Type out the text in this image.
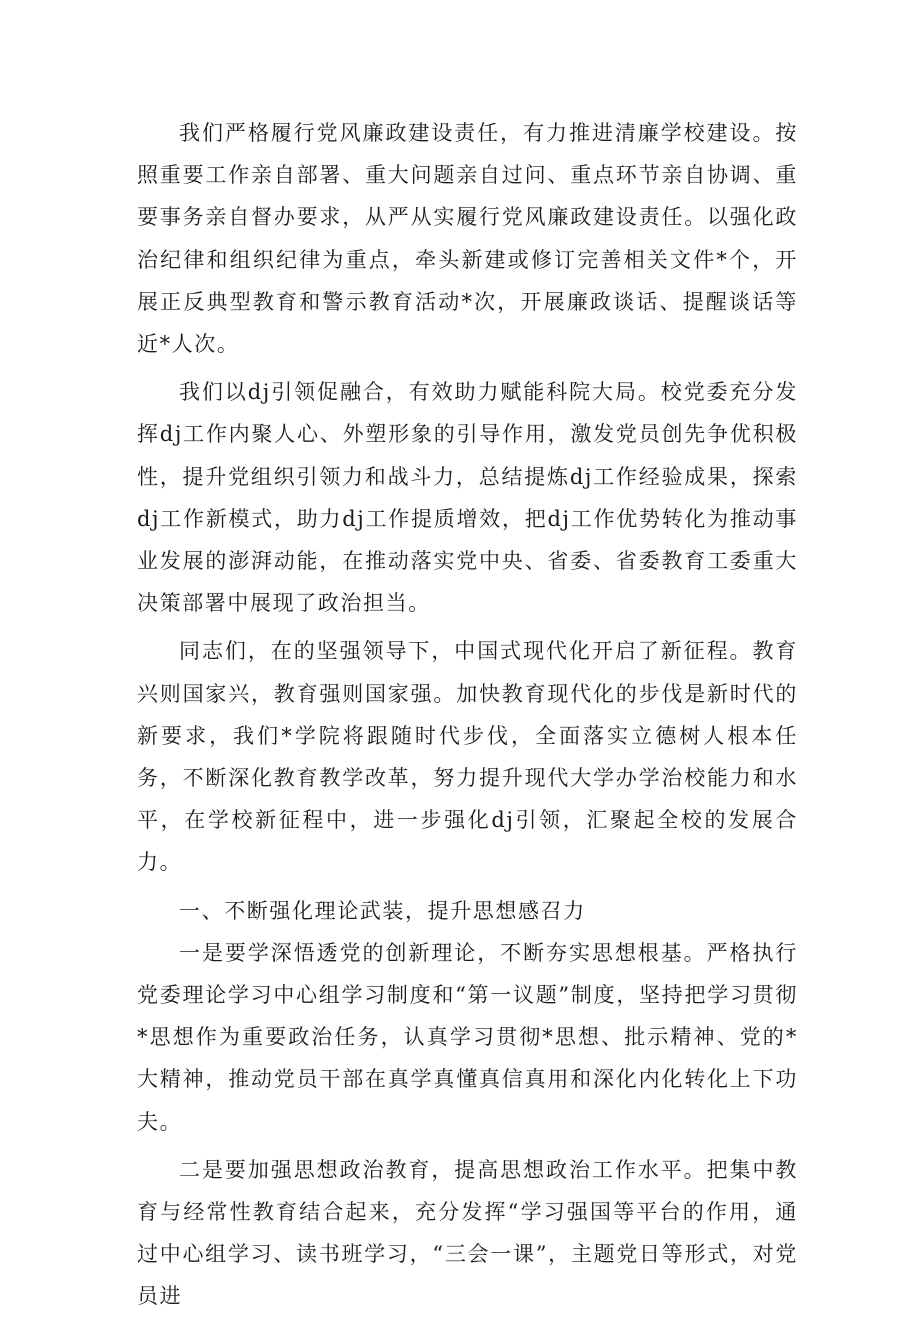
我们严格履行党风廉政建设责任，有力推进清廉学校建设。按照重要工作亲自部署、重大问题亲自过问、重点环节亲自协调、重要事务亲自督办要求，从严从实履行党风廉政建设责任。以强化政治纪律和组织纪律为重点，牵头新建或修订完善相关文件*个，开展正反典型教育和警示教育活动*次，开展廉政谈话、提醒谈话等近*人次。

我们以dj引领促融合，有效助力赋能科院大局。校党委充分发挥dj工作内聚人心、外塑形象的引导作用，激发党员创先争优积极性，提升党组织引领力和战斗力，总结提炼dj工作经验成果，探索dj工作新模式，助力dj工作提质增效，把dj工作优势转化为推动事业发展的澎湃动能，在推动落实党中央、省委、省委教育工委重大决策部署中展现了政治担当。

同志们，在的坚强领导下，中国式现代化开启了新征程。教育兴则国家兴，教育强则国家强。加快教育现代化的步伐是新时代的新要求，我们*学院将跟随时代步伐，全面落实立德树人根本任务，不断深化教育教学改革，努力提升现代大学办学治校能力和水平，在学校新征程中，进一步强化dj引领，汇聚起全校的发展合力。

一、不断强化理论武装，提升思想感召力

一是要学深悟透党的创新理论，不断夯实思想根基。严格执行党委理论学习中心组学习制度和“第一议题”制度，坚持把学习贯彻*思想作为重要政治任务，认真学习贯彻*思想、批示精神、党的*大精神，推动党员干部在真学真懂真信真用和深化内化转化上下功夫。

二是要加强思想政治教育，提高思想政治工作水平。把集中教育与经常性教育结合起来，充分发挥“学习强国等平台的作用，通过中心组学习、读书班学习，“三会一课”，主题党日等形式，对党员进
